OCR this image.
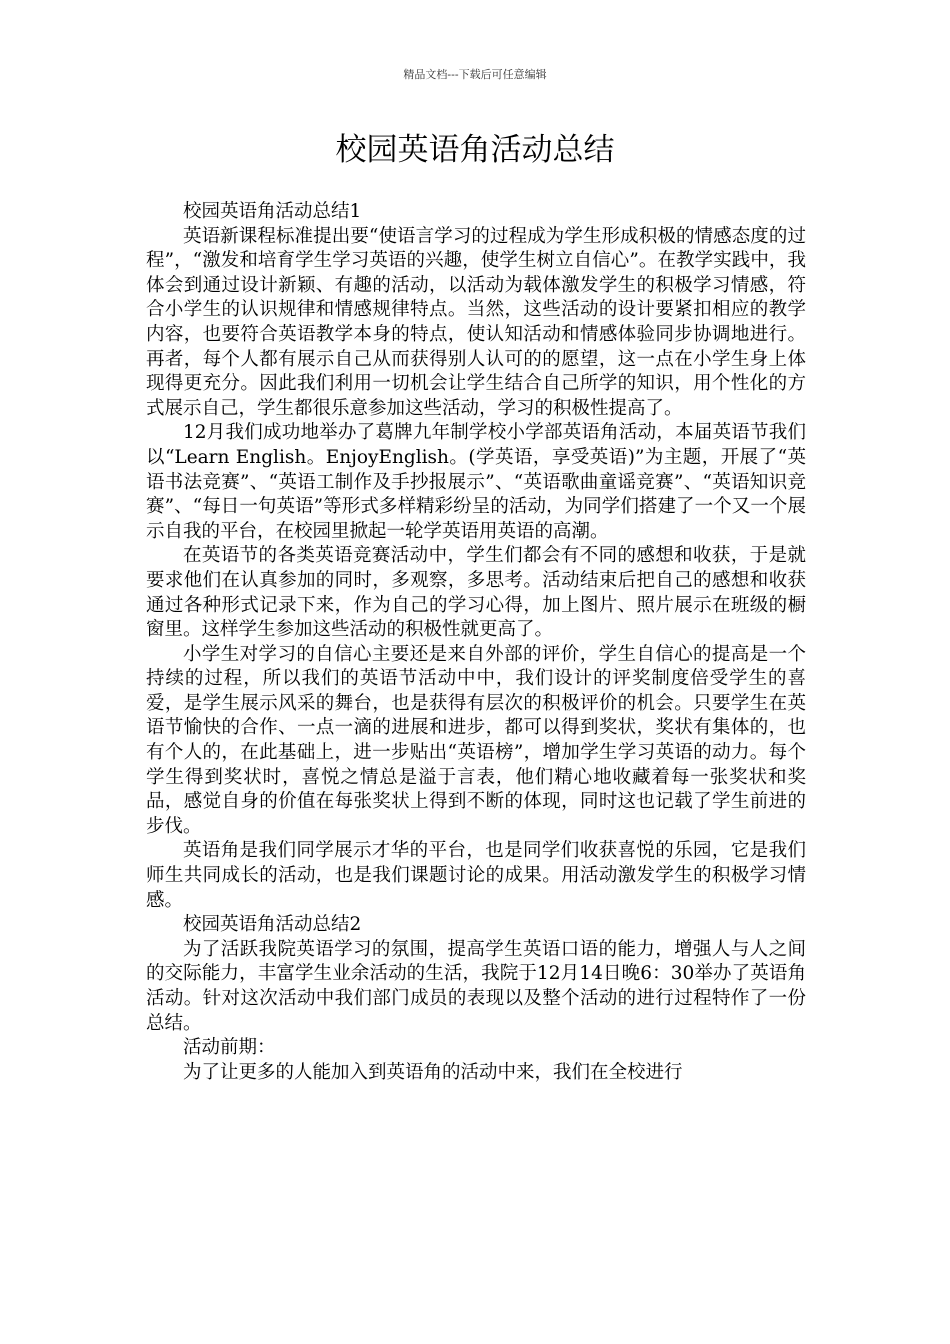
精品文档---下载后可任意编辑
校园英语角活动总结

校园英语角活动总结1

英语新课程标准提出要“使语言学习的过程成为学生形成积极的情感态度的过程”，“激发和培育学生学习英语的兴趣，使学生树立自信心”。在教学实践中，我体会到通过设计新颖、有趣的活动，以活动为载体激发学生的积极学习情感，符合小学生的认识规律和情感规律特点。当然，这些活动的设计要紧扣相应的教学内容，也要符合英语教学本身的特点，使认知活动和情感体验同步协调地进行。再者，每个人都有展示自己从而获得别人认可的的愿望，这一点在小学生身上体现得更充分。因此我们利用一切机会让学生结合自己所学的知识，用个性化的方式展示自己，学生都很乐意参加这些活动，学习的积极性提高了。

12月我们成功地举办了葛牌九年制学校小学部英语角活动，本届英语节我们以“Learn English。EnjoyEnglish。(学英语，享受英语)”为主题，开展了“英语书法竞赛”、“英语工制作及手抄报展示”、“英语歌曲童谣竞赛”、“英语知识竞赛”、“每日一句英语”等形式多样精彩纷呈的活动，为同学们搭建了一个又一个展示自我的平台，在校园里掀起一轮学英语用英语的高潮。

在英语节的各类英语竞赛活动中，学生们都会有不同的感想和收获，于是就要求他们在认真参加的同时，多观察，多思考。活动结束后把自己的感想和收获通过各种形式记录下来，作为自己的学习心得，加上图片、照片展示在班级的橱窗里。这样学生参加这些活动的积极性就更高了。

小学生对学习的自信心主要还是来自外部的评价，学生自信心的提高是一个持续的过程，所以我们的英语节活动中中，我们设计的评奖制度倍受学生的喜爱，是学生展示风采的舞台，也是获得有层次的积极评价的机会。只要学生在英语节愉快的合作、一点一滴的进展和进步，都可以得到奖状，奖状有集体的，也有个人的，在此基础上，进一步贴出“英语榜”，增加学生学习英语的动力。每个学生得到奖状时，喜悦之情总是溢于言表，他们精心地收藏着每一张奖状和奖品，感觉自身的价值在每张奖状上得到不断的体现，同时这也记载了学生前进的步伐。

英语角是我们同学展示才华的平台，也是同学们收获喜悦的乐园，它是我们师生共同成长的活动，也是我们课题讨论的成果。用活动激发学生的积极学习情感。

校园英语角活动总结2

为了活跃我院英语学习的氛围，提高学生英语口语的能力，增强人与人之间的交际能力，丰富学生业余活动的生活，我院于12月14日晚6：30举办了英语角活动。针对这次活动中我们部门成员的表现以及整个活动的进行过程特作了一份总结。

活动前期：

为了让更多的人能加入到英语角的活动中来，我们在全校进行
